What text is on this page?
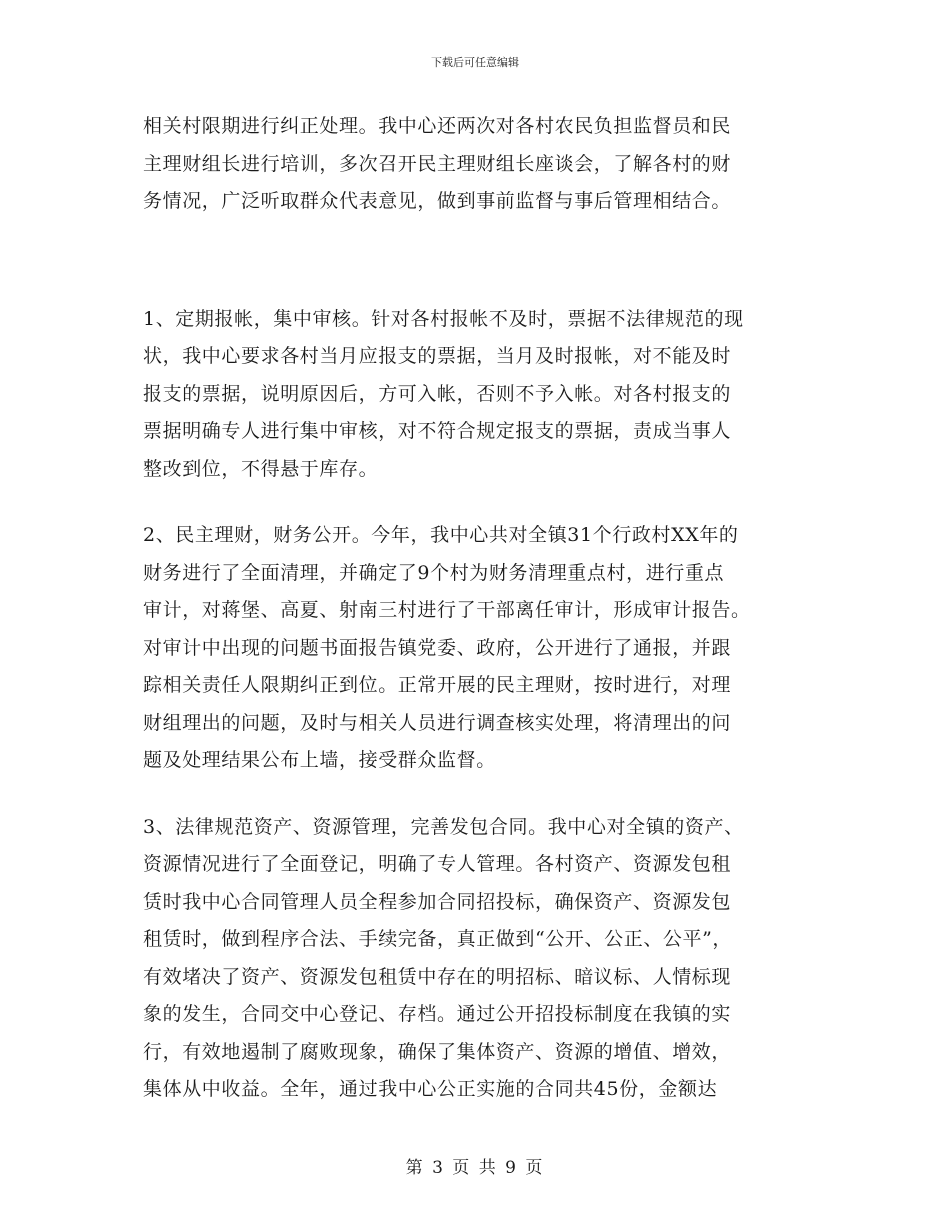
下载后可任意编辑
相关村限期进行纠正处理。我中心还两次对各村农民负担监督员和民
主理财组长进行培训，多次召开民主理财组长座谈会，了解各村的财
务情况，广泛听取群众代表意见，做到事前监督与事后管理相结合。
1、定期报帐，集中审核。针对各村报帐不及时，票据不法律规范的现
状，我中心要求各村当月应报支的票据，当月及时报帐，对不能及时
报支的票据，说明原因后，方可入帐，否则不予入帐。对各村报支的
票据明确专人进行集中审核，对不符合规定报支的票据，责成当事人
整改到位，不得悬于库存。
2、民主理财，财务公开。今年，我中心共对全镇31个行政村XX年的
财务进行了全面清理，并确定了9个村为财务清理重点村，进行重点
审计，对蒋堡、高夏、射南三村进行了干部离任审计，形成审计报告。
对审计中出现的问题书面报告镇党委、政府，公开进行了通报，并跟
踪相关责任人限期纠正到位。正常开展的民主理财，按时进行，对理
财组理出的问题，及时与相关人员进行调查核实处理，将清理出的问
题及处理结果公布上墙，接受群众监督。
3、法律规范资产、资源管理，完善发包合同。我中心对全镇的资产、
资源情况进行了全面登记，明确了专人管理。各村资产、资源发包租
赁时我中心合同管理人员全程参加合同招投标，确保资产、资源发包
租赁时，做到程序合法、手续完备，真正做到“公开、公正、公平”，
有效堵决了资产、资源发包租赁中存在的明招标、暗议标、人情标现
象的发生，合同交中心登记、存档。通过公开招投标制度在我镇的实
行，有效地遏制了腐败现象，确保了集体资产、资源的增值、增效，
集体从中收益。全年，通过我中心公正实施的合同共45份，金额达
第 3 页 共 9 页
